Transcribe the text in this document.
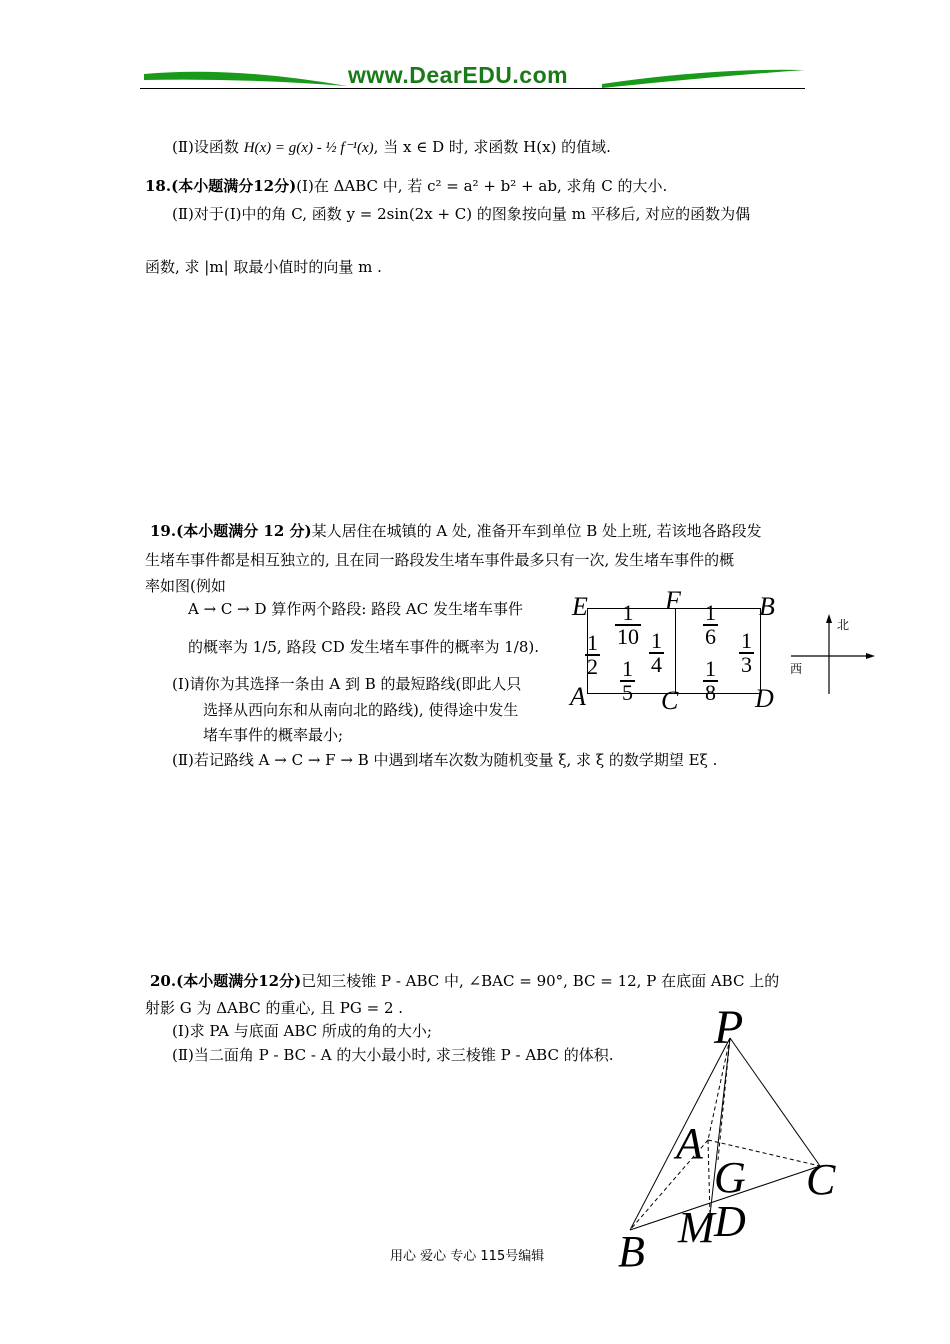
www.DearEDU.com
(Ⅱ)设函数 H(x) = g(x) - ½ f⁻¹(x), 当 x ∈ D 时, 求函数 H(x) 的值域.
18.(本小题满分12分)(Ⅰ)在 ΔABC 中, 若 c² = a² + b² + ab, 求角 C 的大小.
(Ⅱ)对于(Ⅰ)中的角 C, 函数 y = 2sin(2x + C) 的图象按向量 m 平移后, 对应的函数为偶
函数, 求 |m| 取最小值时的向量 m .
19.(本小题满分 12 分)某人居住在城镇的 A 处, 准备开车到单位 B 处上班, 若该地各路段发
生堵车事件都是相互独立的, 且在同一路段发生堵车事件最多只有一次, 发生堵车事件的概
率如图(例如
A → C → D 算作两个路段: 路段 AC 发生堵车事件
的概率为 1/5, 路段 CD 发生堵车事件的概率为 1/8).
(Ⅰ)请你为其选择一条由 A 到 B 的最短路线(即此人只
选择从西向东和从南向北的路线), 使得途中发生
堵车事件的概率最小;
(Ⅱ)若记路线 A → C → F → B 中遇到堵车次数为随机变量 ξ, 求 ξ 的数学期望 Eξ .
E	F	B
A	C	D
$\frac{1}{10}$	$\frac{1}{6}$
$\frac{1}{2} \frac{1}{4}$	$\frac{1}{3}$
$\frac{1}{5}$	$\frac{1}{8}$
北
西
20.(本小题满分12分)已知三棱锥 P - ABC 中, ∠BAC = 90°, BC = 12, P 在底面 ABC 上的
射影 G 为 ΔABC 的重心, 且 PG = 2 .
(Ⅰ)求 PA 与底面 ABC 所成的角的大小;
(Ⅱ)当二面角 P - BC - A 的大小最小时, 求三棱锥 P - ABC 的体积.
P
A
G C
M D
B
用心 爱心 专心 115号编辑
